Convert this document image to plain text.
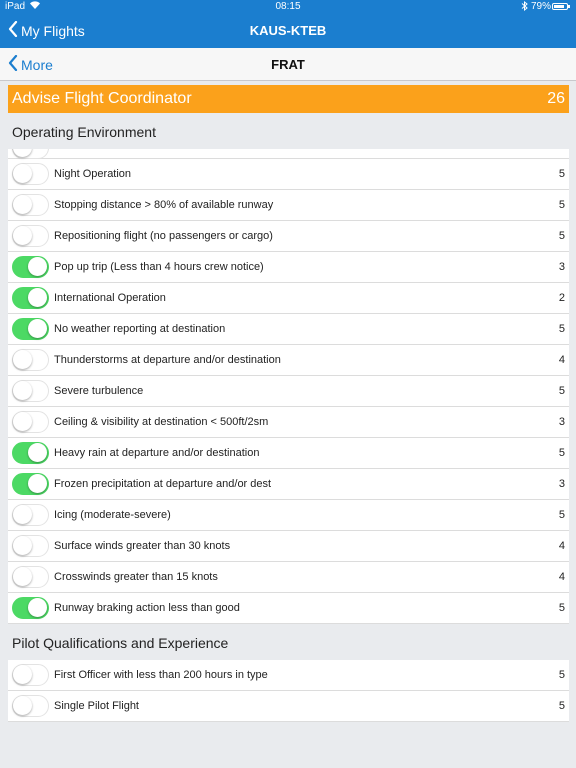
iPad	08:15	79%
My Flights	KAUS-KTEB
More	FRAT
Advise Flight Coordinator	26
Operating Environment
Night Operation	5
Stopping distance > 80% of available runway	5
Repositioning flight (no passengers or cargo)	5
Pop up trip (Less than 4 hours crew notice)	3
International Operation	2
No weather reporting at destination	5
Thunderstorms at departure and/or destination	4
Severe turbulence	5
Ceiling & visibility at destination < 500ft/2sm	3
Heavy rain at departure and/or destination	5
Frozen precipitation at departure and/or dest	3
Icing (moderate-severe)	5
Surface winds greater than 30 knots	4
Crosswinds greater than 15 knots	4
Runway braking action less than good	5
Pilot Qualifications and Experience
First Officer with less than 200 hours in type	5
Single Pilot Flight	5
